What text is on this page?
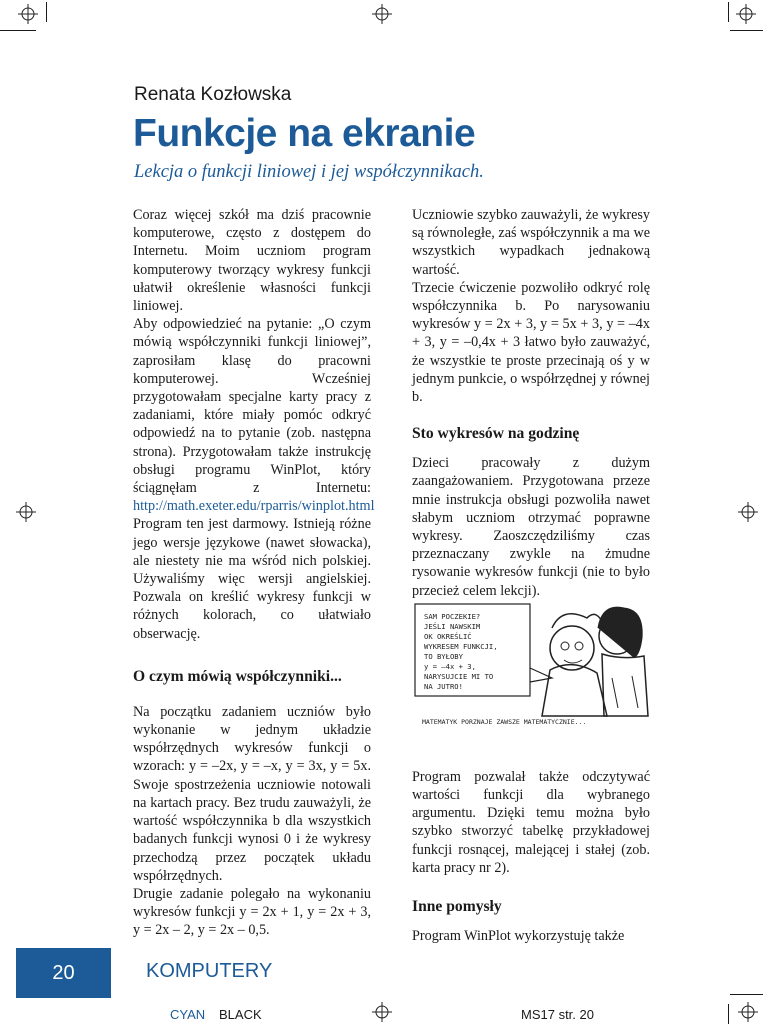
Renata Kozłowska
Funkcje na ekranie
Lekcja o funkcji liniowej i jej współczynnikach.

Coraz więcej szkół ma dziś pracownie komputerowe, często z dostępem do Internetu. Moim uczniom program komputerowy tworzący wykresy funkcji ułatwił określenie własności funkcji liniowej.

Aby odpowiedzieć na pytanie: „O czym mówią współczynniki funkcji liniowej”, zaprosiłam klasę do pracowni komputerowej. Wcześniej przygotowałam specjalne karty pracy z zadaniami, które miały pomóc odkryć odpowiedź na to pytanie (zob. następna strona). Przygotowałam także instrukcję obsługi programu WinPlot, który ściągnęłam z Internetu: http://math.exeter.edu/rparris/winplot.html Program ten jest darmowy. Istnieją różne jego wersje językowe (nawet słowacka), ale niestety nie ma wśród nich polskiej. Używaliśmy więc wersji angielskiej. Pozwala on kreślić wykresy funkcji w różnych kolorach, co ułatwiało obserwację.

O czym mówią współczynniki...

Na początku zadaniem uczniów było wykonanie w jednym układzie współrzędnych wykresów funkcji o wzorach: y = –2x, y = –x, y = 3x, y = 5x. Swoje spostrzeżenia uczniowie notowali na kartach pracy. Bez trudu zauważyli, że wartość współczynnika b dla wszystkich badanych funkcji wynosi 0 i że wykresy przechodzą przez początek układu współrzędnych.

Drugie zadanie polegało na wykonaniu wykresów funkcji y = 2x + 1, y = 2x + 3, y = 2x – 2, y = 2x – 0,5.

Uczniowie szybko zauważyli, że wykresy są równoległe, zaś współczynnik a ma we wszystkich wypadkach jednakową wartość.

Trzecie ćwiczenie pozwoliło odkryć rolę współczynnika b. Po narysowaniu wykresów y = 2x + 3, y = 5x + 3, y = –4x + 3, y = –0,4x + 3 łatwo było zauważyć, że wszystkie te proste przecinają oś y w jednym punkcie, o współrzędnej y równej b.

Sto wykresów na godzinę

Dzieci pracowały z dużym zaangażowaniem. Przygotowana przeze mnie instrukcja obsługi pozwoliła nawet słabym uczniom otrzymać poprawne wykresy. Zaoszczędziliśmy czas przeznaczany zwykle na żmudne rysowanie wykresów funkcji (nie to było przecież celem lekcji).

Program pozwalał także odczytywać wartości funkcji dla wybranego argumentu. Dzięki temu można było szybko stworzyć tabelkę przykładowej funkcji rosnącej, malejącej i stałej (zob. karta pracy nr 2).

Inne pomysły

Program WinPlot wykorzystuję także

SAM POCZEKIE?
JEŚLI NAWSKIM
OK OKREŚLIĆ
WYKRESEM FUNKCJI,
TO BYŁOBY
y = –4x + 3,
NARYSUJCIE MI TO
NA JUTRO!
MATEMATYK PORZNAJE ZAWSZE MATEMATYCZNIE...
20	KOMPUTERY
CYAN BLACK	MS17 str. 20
